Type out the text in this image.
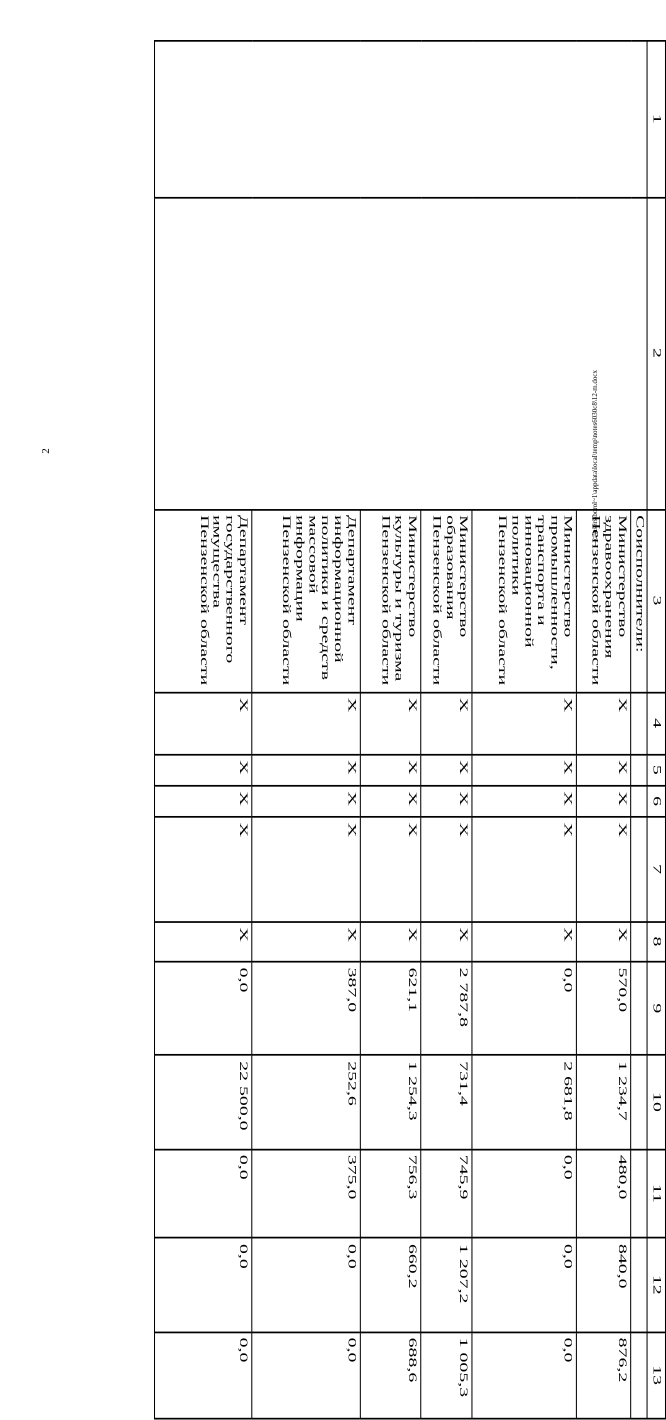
2
1	2	3	4	5	6	7	8	9	10	11	12	13
		Соисполнители:										
		Министерство здравоохранения Пензенской области	X	X	X	X	X	570,0	1 234,7	480,0	840,0	876,2
		Министерство промышленности, транспорта и инновационной политики Пензенской области	X	X	X	X	X	0,0	2 681,8	0,0	0,0	0,0
		Министерство образования Пензенской области	X	X	X	X	X	2 787,8	731,4	745,9	1 207,2	1 005,3
		Министерство культуры и туризма Пензенской области	X	X	X	X	X	621,1	1 254,3	756,3	660,2	688,6
		Департамент информационной политики и средств массовой информации Пензенской области	X	X	X	X	X	387,0	252,6	375,0	0,0	0,0
		Департамент государственного имущества Пензенской области	X	X	X	X	X	0,0	22 500,0	0,0	0,0	0,0
c:\users\borol~1\appdata\local\temp\notes6030c8\12-m.docx
